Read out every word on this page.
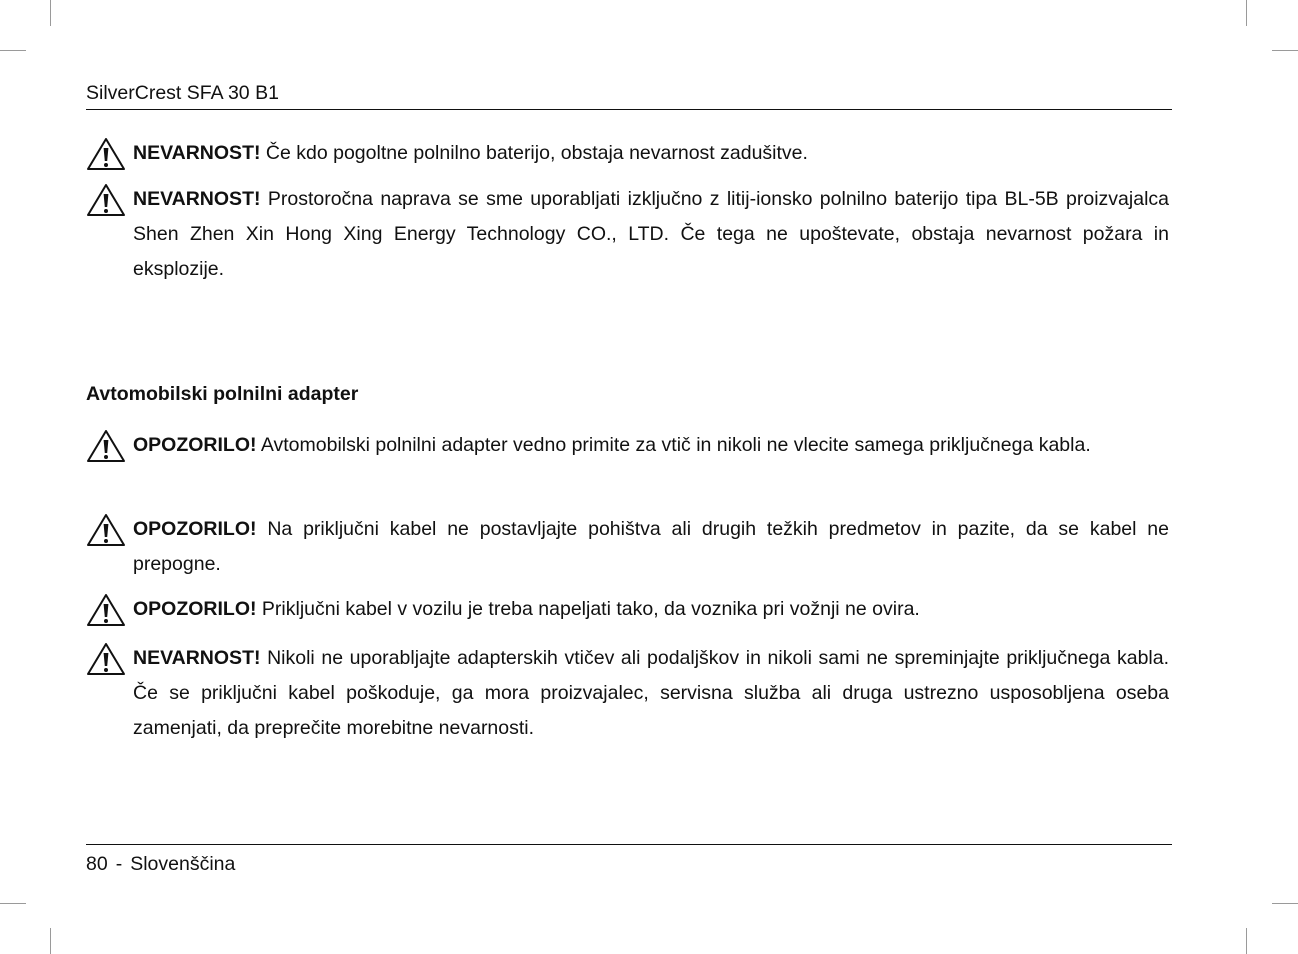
SilverCrest SFA 30 B1
NEVARNOST! Če kdo pogoltne polnilno baterijo, obstaja nevarnost zadušitve.
NEVARNOST! Prostoročna naprava se sme uporabljati izključno z litij-ionsko polnilno baterijo tipa BL-5B proizvajalca Shen Zhen Xin Hong Xing Energy Technology CO., LTD. Če tega ne upoštevate, obstaja nevarnost požara in eksplozije.
Avtomobilski polnilni adapter
OPOZORILO! Avtomobilski polnilni adapter vedno primite za vtič in nikoli ne vlecite samega priključnega kabla.
OPOZORILO! Na priključni kabel ne postavljajte pohištva ali drugih težkih predmetov in pazite, da se kabel ne prepogne.
OPOZORILO! Priključni kabel v vozilu je treba napeljati tako, da voznika pri vožnji ne ovira.
NEVARNOST! Nikoli ne uporabljajte adapterskih vtičev ali podaljškov in nikoli sami ne spreminjajte priključnega kabla. Če se priključni kabel poškoduje, ga mora proizvajalec, servisna služba ali druga ustrezno usposobljena oseba zamenjati, da preprečite morebitne nevarnosti.
80 - Slovenščina
